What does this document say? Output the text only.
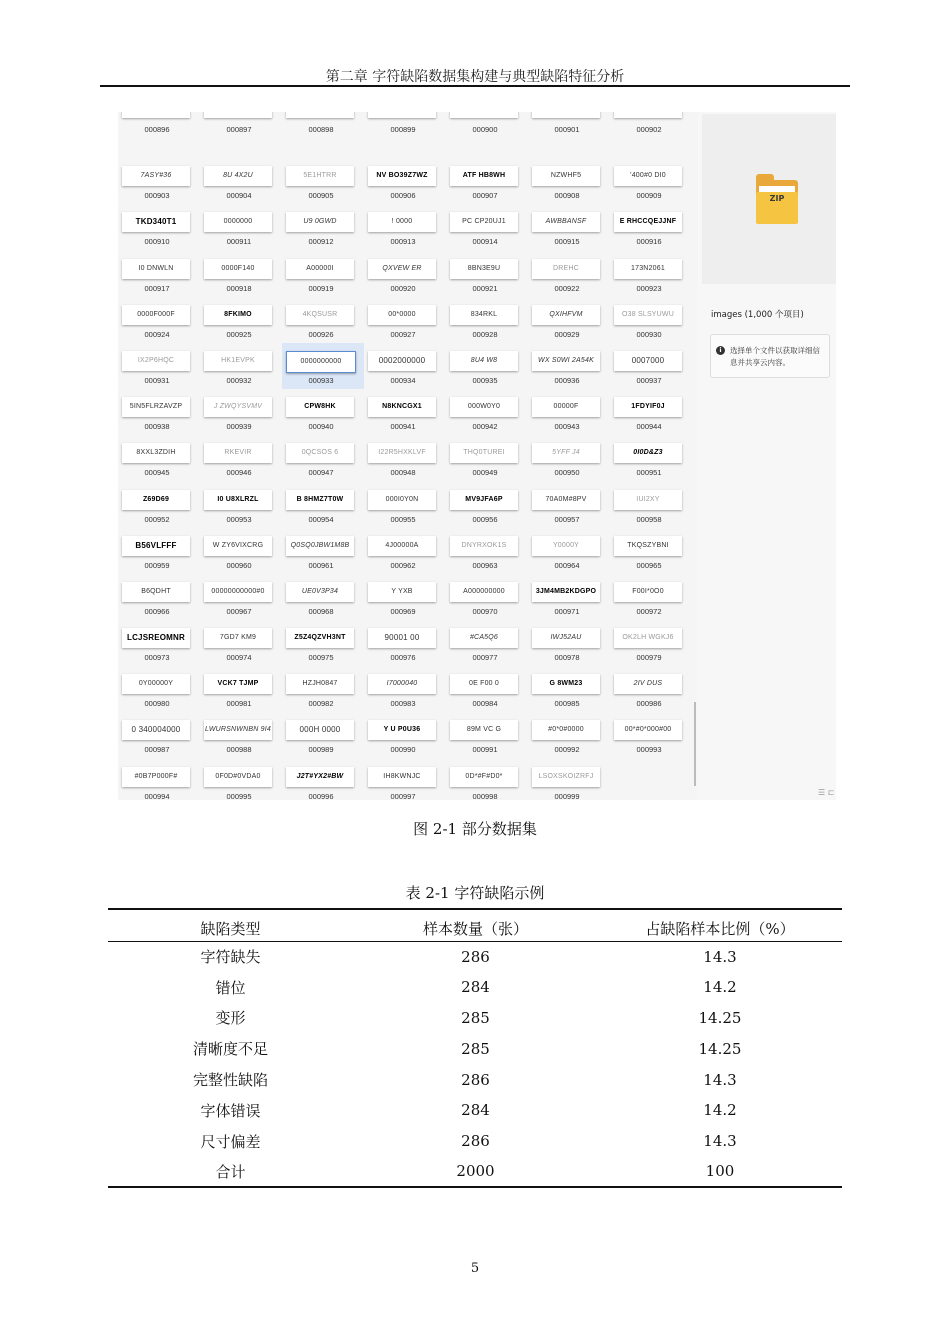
第二章 字符缺陷数据集构建与典型缺陷特征分析
000896	000897	000898	000899	000900	000901	000902
7ASY#36
000903
8U 4X2U
000904
5E1HTRR
000905
NV BO39Z7WZ
000906
ATF HB8WH
000907
NZWHF5
000908
'400#0 DI0
000909
TKD340T1
000910
0000000
000911
U9 0GWD
000912
! 0000
000913
PC CP20UJ1
000914
AWBBANSF
000915
E RHCCQEJJNF
000916
I0 DNWLN
000917
0000F140
000918
A00000I
000919
QXVEW ER
000920
8BN3E9U
000921
DREHC
000922
173N2061
000923
0000F000F
000924
8FKIMO
000925
4KQSUSR
000926
00*0000
000927
834RKL
000928
QXIHFVM
000929
O38 SLSYUWU
000930
IX2P6HQC
000931
HK1EVPK
000932
0000000000
000933
0002000000
000934
8U4 W8
000935
WX S0WI 2A54K
000936
0007000
000937
5IN5FLRZAVZP
000938
J ZWQYSVMV
000939
CPW8HK
000940
N8KNCGX1
000941
000W0Y0
000942
00000F
000943
1FDYIF0J
000944
8XXL3ZDIH
000945
RKEVIR
000946
0QCSOS 6
000947
I22R5HXKLVF
000948
THQ0TUREI
000949
5YFF J4
000950
0I0D&Z3
000951
Z69D69
000952
I0 U8XLRZL
000953
B 8HMZ7T0W
000954
000I0Y0N
000955
MV9JFA6P
000956
70A0M#8PV
000957
IUI2XY
000958
B56VLFFF
000959
W ZY6VIXCRG
000960
Q0SQ0JBW1M8B
000961
4J00000A
000962
DNYRXOK1S
000963
Y0000Y
000964
TKQSZYBNI
000965
B6QDHT
000966
00000000000#0
000967
UE0V3P34
000968
Y YXB
000969
A000000000
000970
3JM4MB2KDGPO
000971
F00I*0O0
000972
LCJSREOMNR
000973
7GD7 KM9
000974
Z5Z4QZVH3NT
000975
90001 00
000976
#CA5Q6
000977
IWJ52AU
000978
OK2LH WGKJ6
000979
0Y00000Y
000980
VCK7 TJMP
000981
HZJH0847
000982
I7000040
000983
0E F00 0
000984
G 8WM23
000985
2IV DUS
000986
0 340004000
000987
LWURSNWNBN 9I4
000988
000H 0000
000989
Y U P0U36
000990
89M VC G
000991
#0*0#0000
000992
00*#0*000#00
000993
#0B7P000F#
000994
0F0D#0VDA0
000995
J2T#YX2#BW
000996
IH8KWNJC
000997
0D*#F#D0*
000998
LSOXSKOIZRFJ
000999
ZIP
images (1,000 个项目)
i	选择单个文件以获取详细信息并共享云内容。
☰ ⊏
图 2-1 部分数据集
表 2-1 字符缺陷示例
缺陷类型	样本数量（张）	占缺陷样本比例（%）
字符缺失	286	14.3
错位	284	14.2
变形	285	14.25
清晰度不足	285	14.25
完整性缺陷	286	14.3
字体错误	284	14.2
尺寸偏差	286	14.3
合计	2000	100
5
